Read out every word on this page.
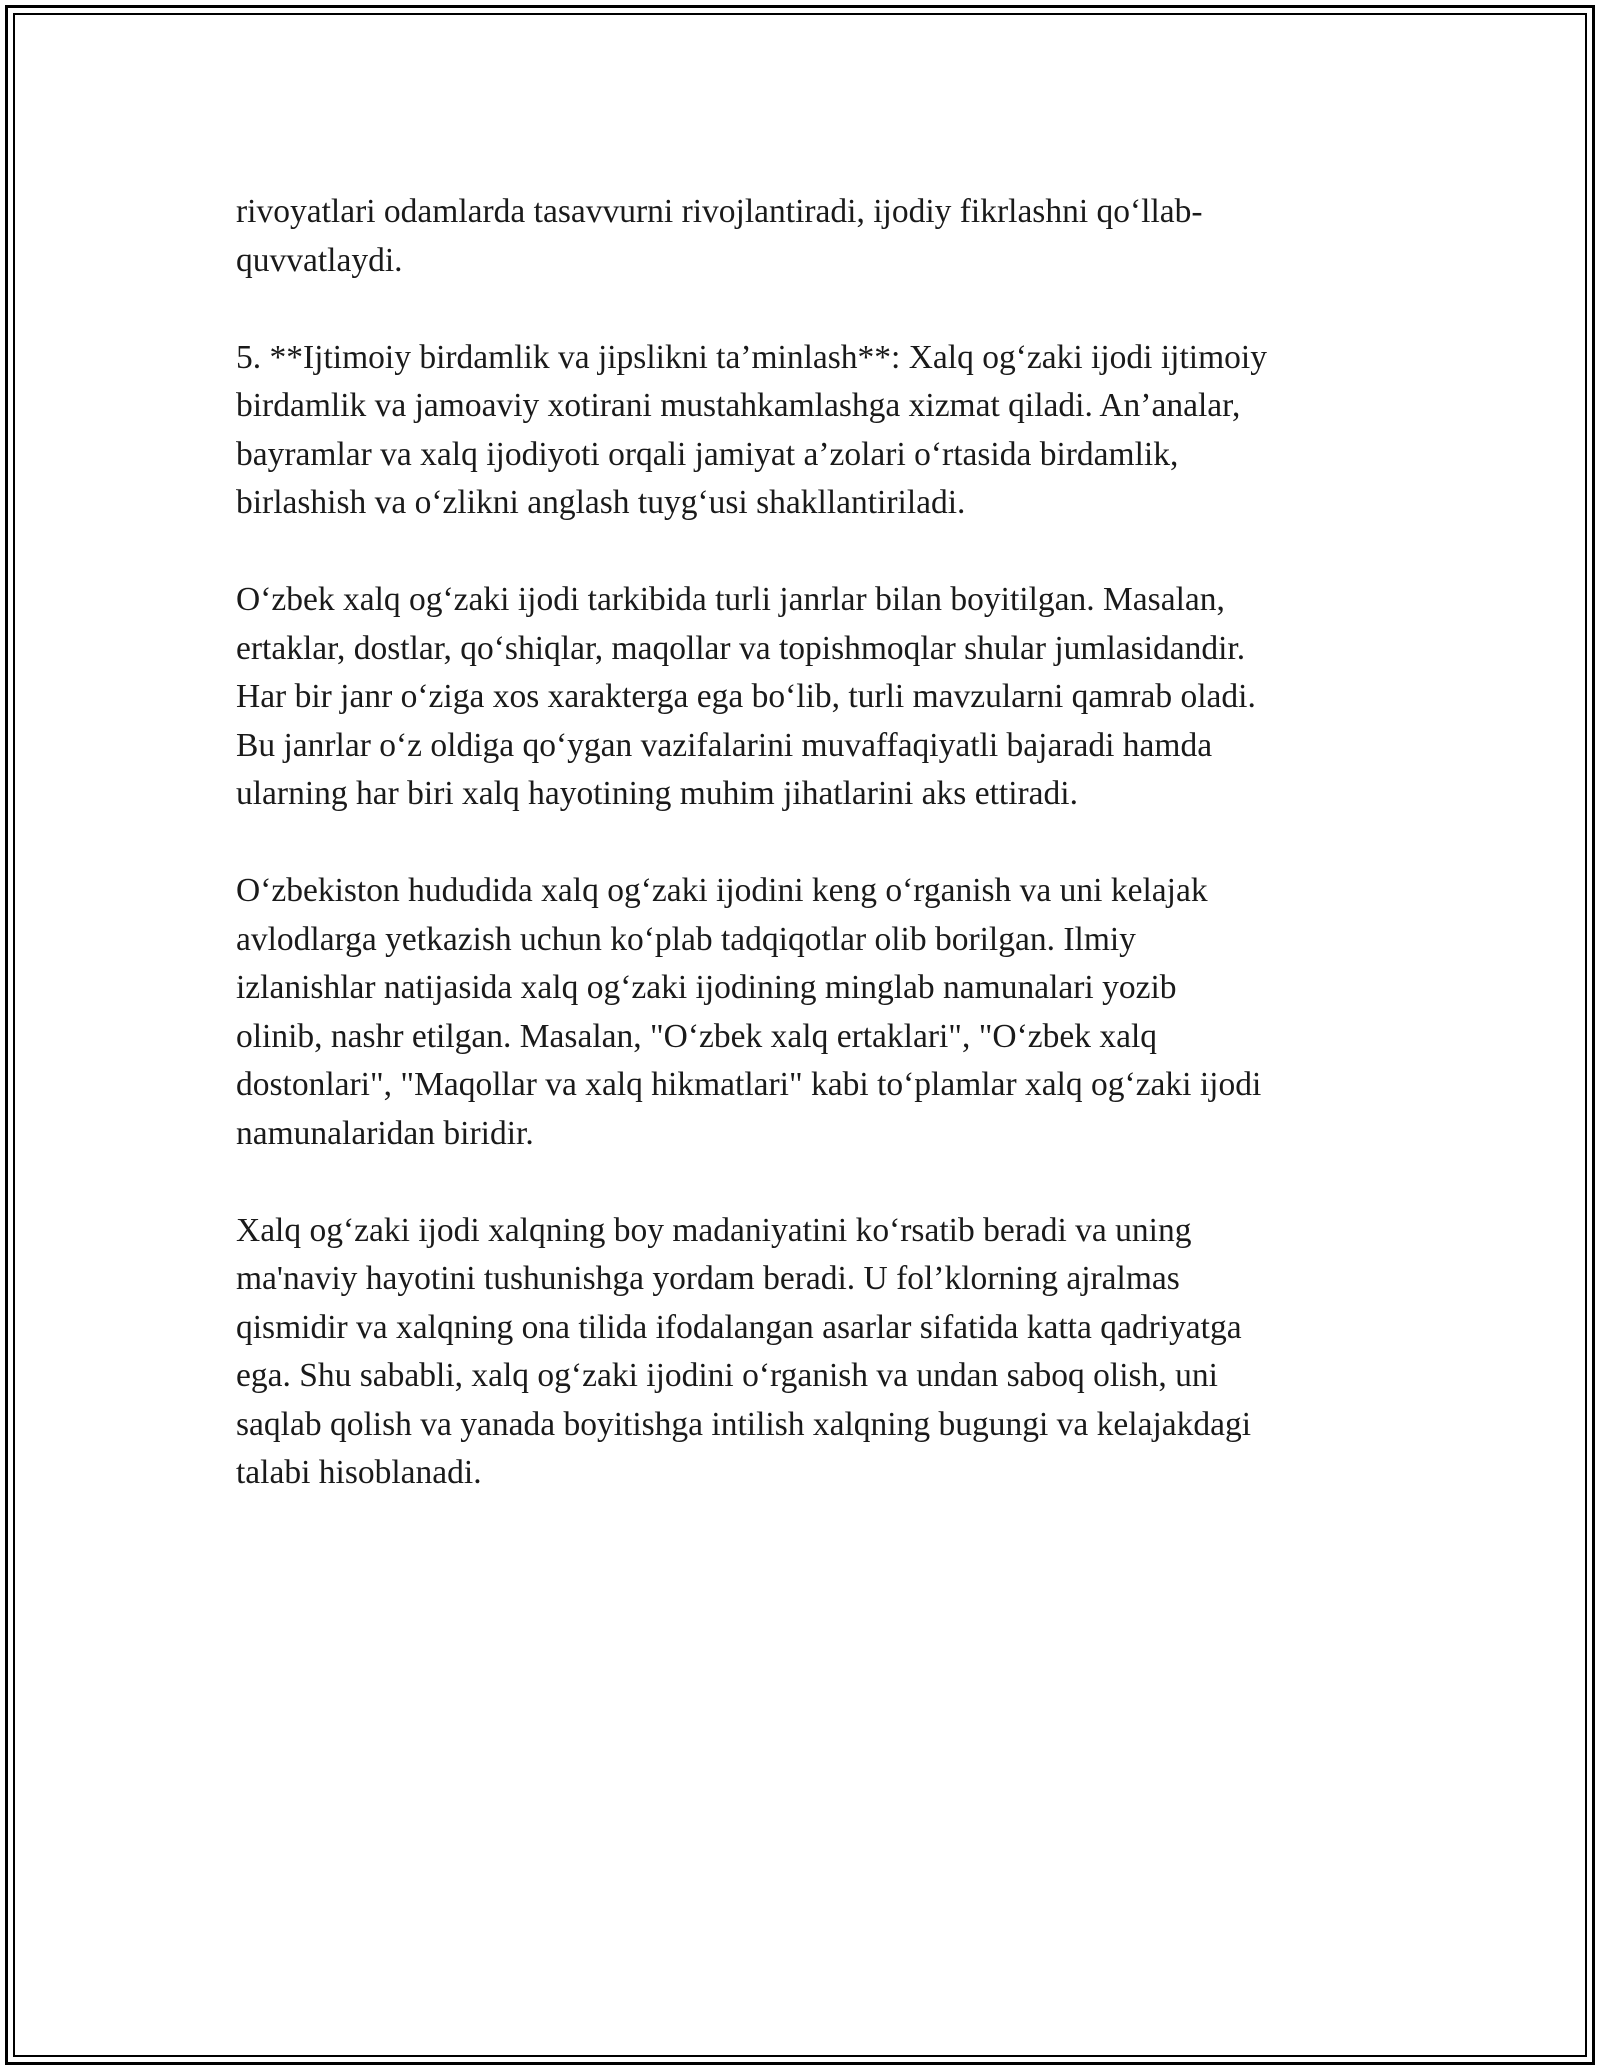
rivoyatlari odamlarda tasavvurni rivojlantiradi, ijodiy fikrlashni qo‘llab-
quvvatlaydi.

5. **Ijtimoiy birdamlik va jipslikni ta’minlash**: Xalq og‘zaki ijodi ijtimoiy
birdamlik va jamoaviy xotirani mustahkamlashga xizmat qiladi. An’analar,
bayramlar va xalq ijodiyoti orqali jamiyat a’zolari o‘rtasida birdamlik,
birlashish va o‘zlikni anglash tuyg‘usi shakllantiriladi.

O‘zbek xalq og‘zaki ijodi tarkibida turli janrlar bilan boyitilgan. Masalan,
ertaklar, dostlar, qo‘shiqlar, maqollar va topishmoqlar shular jumlasidandir.
Har bir janr o‘ziga xos xarakterga ega bo‘lib, turli mavzularni qamrab oladi.
Bu janrlar o‘z oldiga qo‘ygan vazifalarini muvaffaqiyatli bajaradi hamda
ularning har biri xalq hayotining muhim jihatlarini aks ettiradi.

O‘zbekiston hududida xalq og‘zaki ijodini keng o‘rganish va uni kelajak
avlodlarga yetkazish uchun ko‘plab tadqiqotlar olib borilgan. Ilmiy
izlanishlar natijasida xalq og‘zaki ijodining minglab namunalari yozib
olinib, nashr etilgan. Masalan, "O‘zbek xalq ertaklari", "O‘zbek xalq
dostonlari", "Maqollar va xalq hikmatlari" kabi to‘plamlar xalq og‘zaki ijodi
namunalaridan biridir.

Xalq og‘zaki ijodi xalqning boy madaniyatini ko‘rsatib beradi va uning
ma'naviy hayotini tushunishga yordam beradi. U fol’klorning ajralmas
qismidir va xalqning ona tilida ifodalangan asarlar sifatida katta qadriyatga
ega. Shu sababli, xalq og‘zaki ijodini o‘rganish va undan saboq olish, uni
saqlab qolish va yanada boyitishga intilish xalqning bugungi va kelajakdagi
talabi hisoblanadi.
